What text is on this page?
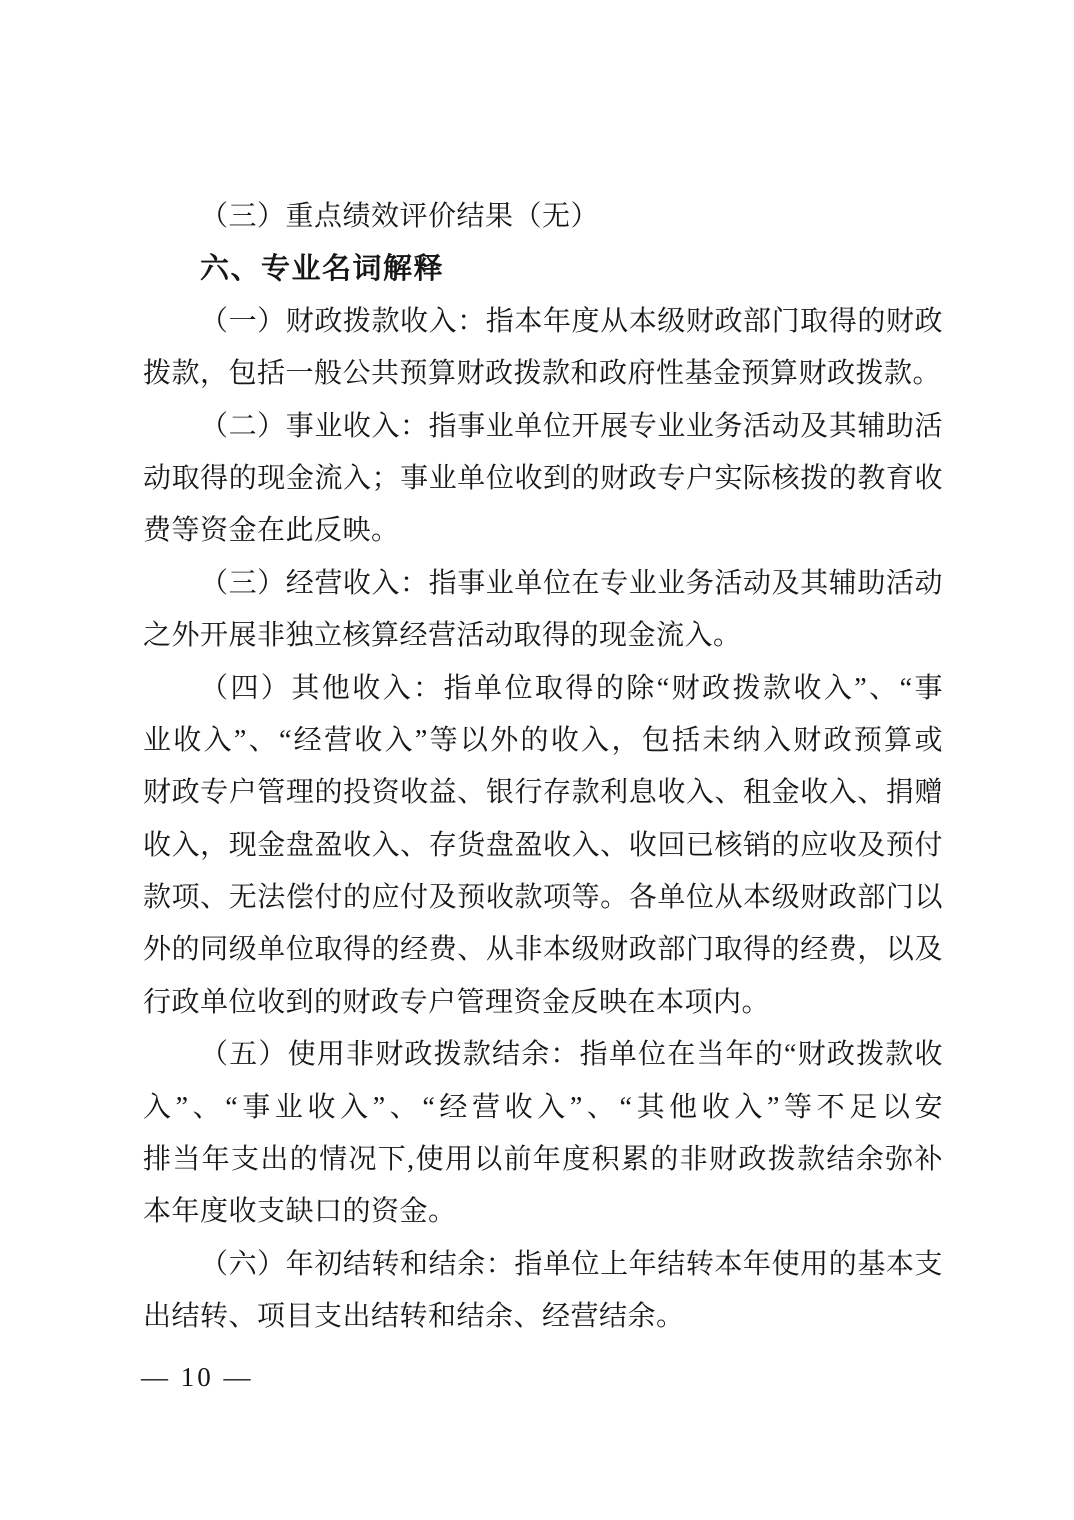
（三）重点绩效评价结果（无）
六、专业名词解释
（一）财政拨款收入：指本年度从本级财政部门取得的财政
拨款，包括一般公共预算财政拨款和政府性基金预算财政拨款。
（二）事业收入：指事业单位开展专业业务活动及其辅助活
动取得的现金流入；事业单位收到的财政专户实际核拨的教育收
费等资金在此反映。
（三）经营收入：指事业单位在专业业务活动及其辅助活动
之外开展非独立核算经营活动取得的现金流入。
（四）其他收入：指单位取得的除“财政拨款收入”、“事
业收入”、“经营收入”等以外的收入，包括未纳入财政预算或
财政专户管理的投资收益、银行存款利息收入、租金收入、捐赠
收入，现金盘盈收入、存货盘盈收入、收回已核销的应收及预付
款项、无法偿付的应付及预收款项等。各单位从本级财政部门以
外的同级单位取得的经费、从非本级财政部门取得的经费，以及
行政单位收到的财政专户管理资金反映在本项内。
（五）使用非财政拨款结余：指单位在当年的“财政拨款收
入”、“事业收入”、“经营收入”、“其他收入”等不足以安
排当年支出的情况下,使用以前年度积累的非财政拨款结余弥补
本年度收支缺口的资金。
（六）年初结转和结余：指单位上年结转本年使用的基本支
出结转、项目支出结转和结余、经营结余。
— 10 —
